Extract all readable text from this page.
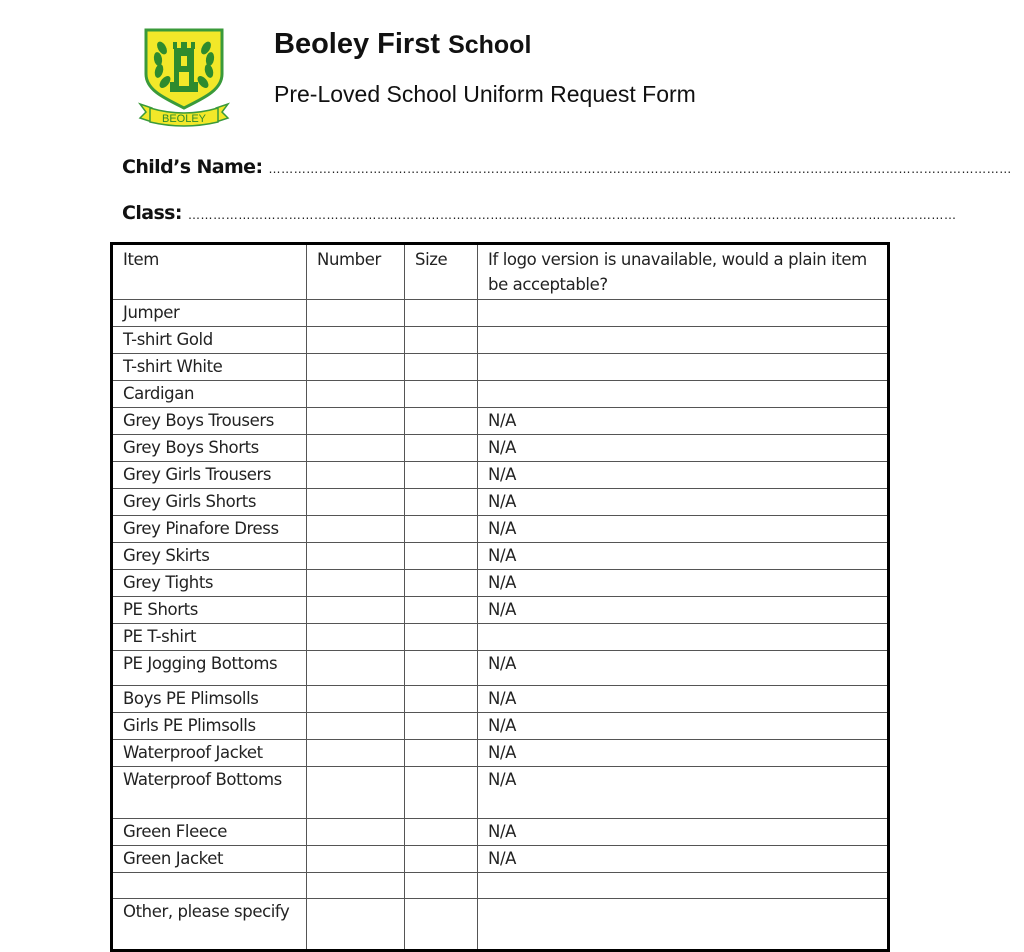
BEOLEY
Beoley First School
Pre-Loved School Uniform Request Form
Child’s Name: ……………………………………………………………………………………………………………………………………………………………
Class: …………………………………………………………………………………………………………………………………………………………………
Item	Number	Size	If logo version is unavailable, would a plain item be acceptable?
Jumper			
T-shirt Gold			
T-shirt White			
Cardigan			
Grey Boys Trousers			N/A
Grey Boys Shorts			N/A
Grey Girls Trousers			N/A
Grey Girls Shorts			N/A
Grey Pinafore Dress			N/A
Grey Skirts			N/A
Grey Tights			N/A
PE Shorts			N/A
PE T-shirt			
PE Jogging Bottoms			N/A
Boys PE Plimsolls			N/A
Girls PE Plimsolls			N/A
Waterproof Jacket			N/A
Waterproof Bottoms			N/A
Green Fleece			N/A
Green Jacket			N/A

Other, please specify			
